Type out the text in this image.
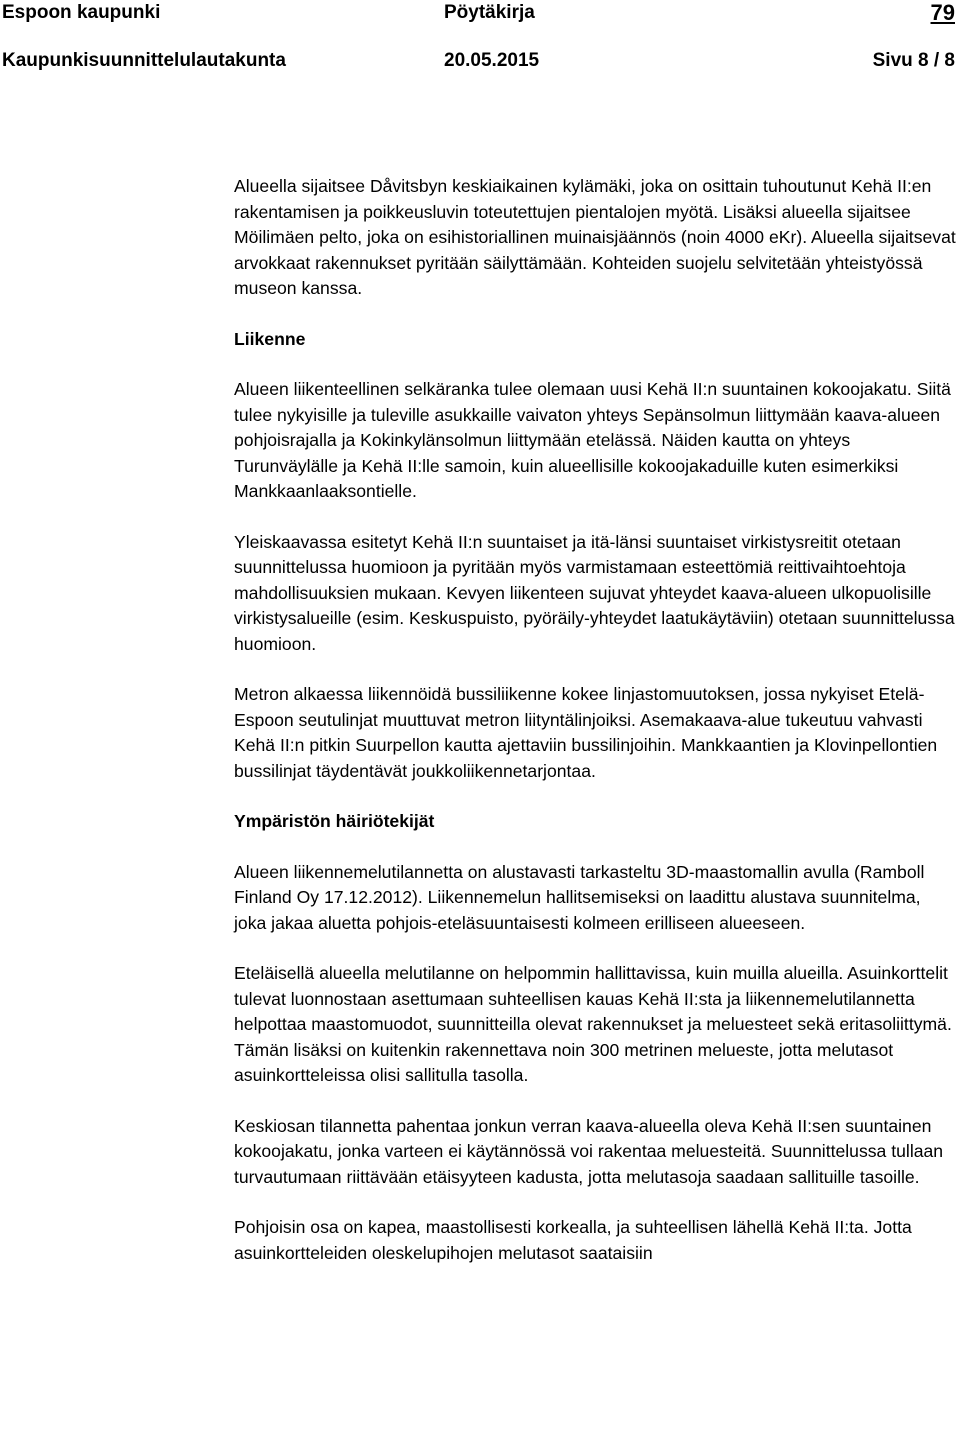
Espoon kaupunki	Pöytäkirja	79
Kaupunkisuunnittelulautakunta	20.05.2015	Sivu 8 / 8

Alueella sijaitsee Dåvitsbyn keskiaikainen kylämäki, joka on osittain tuhoutunut Kehä II:en rakentamisen ja poikkeusluvin toteutettujen pientalojen myötä. Lisäksi alueella sijaitsee Möilimäen pelto, joka on esihistoriallinen muinaisjäännös (noin 4000 eKr). Alueella sijaitsevat arvokkaat rakennukset pyritään säilyttämään. Kohteiden suojelu selvitetään yhteistyössä museon kanssa.

Liikenne

Alueen liikenteellinen selkäranka tulee olemaan uusi Kehä II:n suuntainen kokoojakatu. Siitä tulee nykyisille ja tuleville asukkaille vaivaton yhteys Sepänsolmun liittymään kaava-alueen pohjoisrajalla ja Kokinkylänsolmun liittymään etelässä. Näiden kautta on yhteys Turunväylälle ja Kehä II:lle samoin, kuin alueellisille kokoojakaduille kuten esimerkiksi Mankkaanlaaksontielle.

Yleiskaavassa esitetyt Kehä II:n suuntaiset ja itä-länsi suuntaiset virkistysreitit otetaan suunnittelussa huomioon ja pyritään myös varmistamaan esteettömiä reittivaihtoehtoja mahdollisuuksien mukaan. Kevyen liikenteen sujuvat yhteydet kaava-alueen ulkopuolisille virkistysalueille (esim. Keskuspuisto, pyöräily-yhteydet laatukäytäviin) otetaan suunnittelussa huomioon.

Metron alkaessa liikennöidä bussiliikenne kokee linjastomuutoksen, jossa nykyiset Etelä-Espoon seutulinjat muuttuvat metron liityntälinjoiksi. Asemakaava-alue tukeutuu vahvasti Kehä II:n pitkin Suurpellon kautta ajettaviin bussilinjoihin. Mankkaantien ja Klovinpellontien bussilinjat täydentävät joukkoliikennetarjontaa.

Ympäristön häiriötekijät

Alueen liikennemelutilannetta on alustavasti tarkasteltu 3D-maastomallin avulla (Ramboll Finland Oy 17.12.2012). Liikennemelun hallitsemiseksi on laadittu alustava suunnitelma, joka jakaa aluetta pohjois-eteläsuuntaisesti kolmeen erilliseen alueeseen.

Eteläisellä alueella melutilanne on helpommin hallittavissa, kuin muilla alueilla. Asuinkorttelit tulevat luonnostaan asettumaan suhteellisen kauas Kehä II:sta ja liikennemelutilannetta helpottaa maastomuodot, suunnitteilla olevat rakennukset ja meluesteet sekä eritasoliittymä. Tämän lisäksi on kuitenkin rakennettava noin 300 metrinen melueste, jotta melutasot asuinkortteleissa olisi sallitulla tasolla.

Keskiosan tilannetta pahentaa jonkun verran kaava-alueella oleva Kehä II:sen suuntainen kokoojakatu, jonka varteen ei käytännössä voi rakentaa meluesteitä. Suunnittelussa tullaan turvautumaan riittävään etäisyyteen kadusta, jotta melutasoja saadaan sallituille tasoille.

Pohjoisin osa on kapea, maastollisesti korkealla, ja suhteellisen lähellä Kehä II:ta. Jotta asuinkortteleiden oleskelupihojen melutasot saataisiin
